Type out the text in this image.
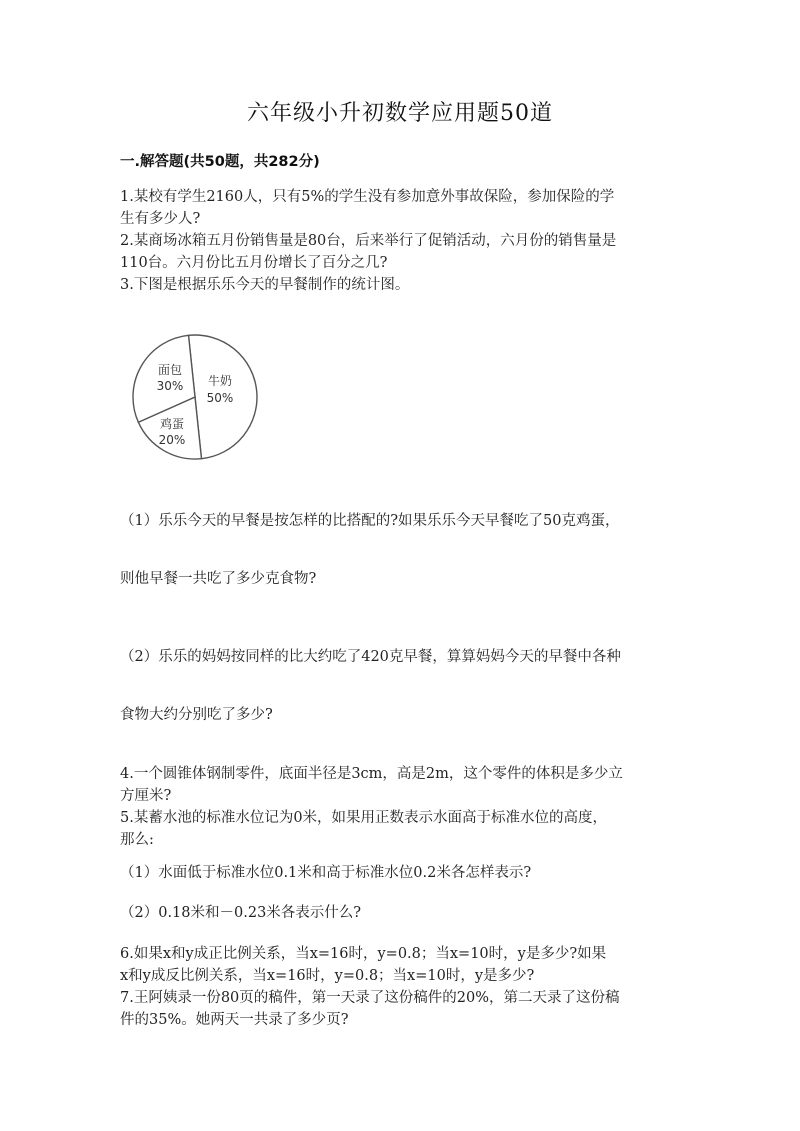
六年级小升初数学应用题50道
一.解答题(共50题，共282分)
1.某校有学生2160人，只有5%的学生没有参加意外事故保险，参加保险的学
生有多少人?
2.某商场冰箱五月份销售量是80台，后来举行了促销活动，六月份的销售量是
110台。六月份比五月份增长了百分之几?
3.下图是根据乐乐今天的早餐制作的统计图。
面包
30% 牛奶
50%
鸡蛋
20%
（1）乐乐今天的早餐是按怎样的比搭配的?如果乐乐今天早餐吃了50克鸡蛋，
则他早餐一共吃了多少克食物?
（2）乐乐的妈妈按同样的比大约吃了420克早餐，算算妈妈今天的早餐中各种
食物大约分别吃了多少?
4.一个圆锥体钢制零件，底面半径是3cm，高是2m，这个零件的体积是多少立
方厘米?
5.某蓄水池的标准水位记为0米，如果用正数表示水面高于标准水位的高度，
那么:
（1）水面低于标准水位0.1米和高于标准水位0.2米各怎样表示?
（2）0.18米和－0.23米各表示什么?
6.如果x和y成正比例关系，当x=16时，y=0.8；当x=10时，y是多少?如果
x和y成反比例关系，当x=16时，y=0.8；当x=10时，y是多少?
7.王阿姨录一份80页的稿件，第一天录了这份稿件的20%，第二天录了这份稿
件的35%。她两天一共录了多少页?
